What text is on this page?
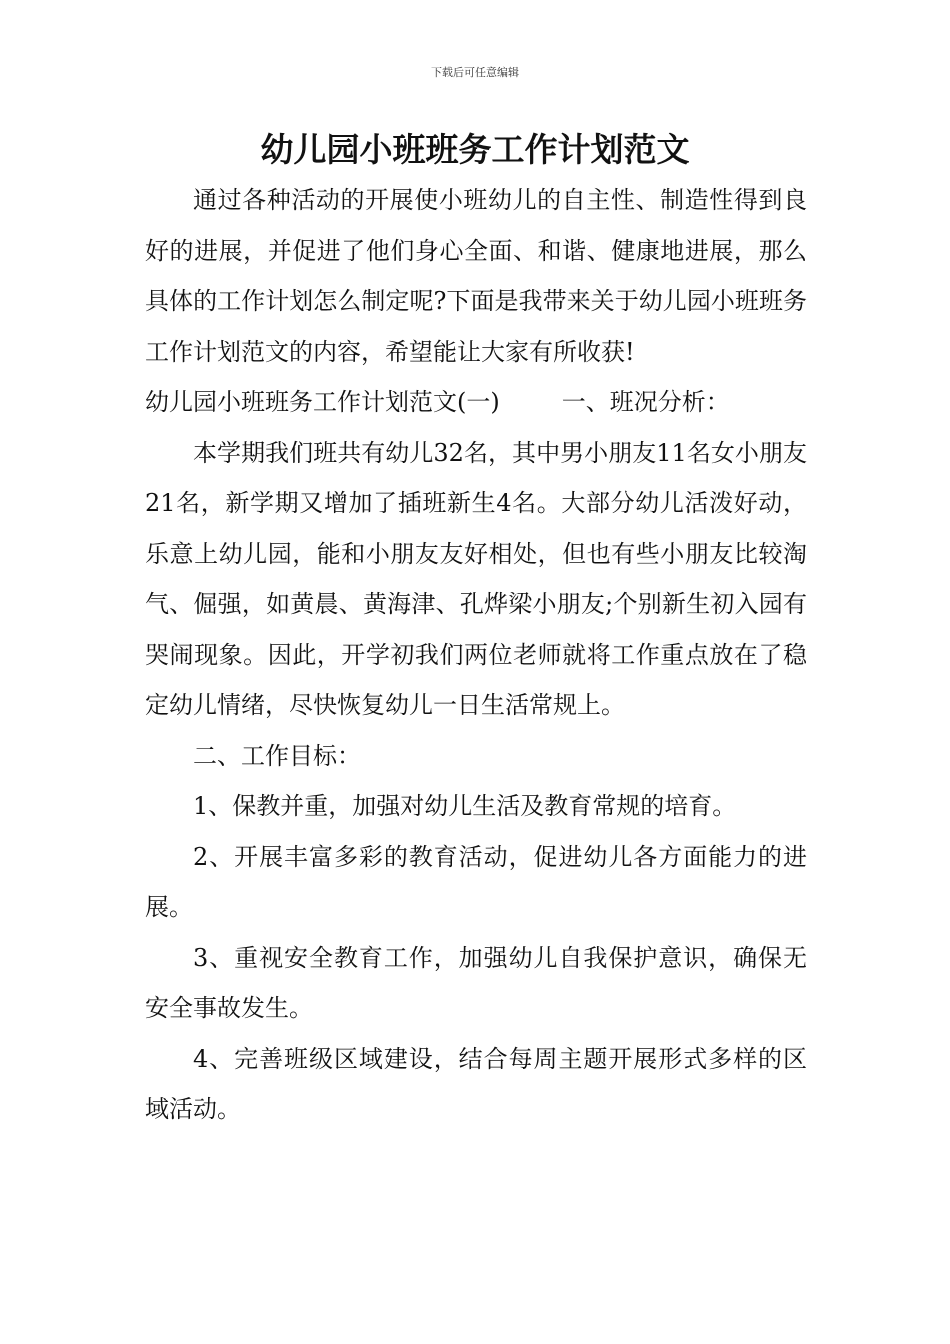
下载后可任意编辑
幼儿园小班班务工作计划范文

通过各种活动的开展使小班幼儿的自主性、制造性得到良好的进展，并促进了他们身心全面、和谐、健康地进展，那么具体的工作计划怎么制定呢?下面是我带来关于幼儿园小班班务工作计划范文的内容，希望能让大家有所收获!

幼儿园小班班务工作计划范文(一)	一、班况分析：

本学期我们班共有幼儿32名，其中男小朋友11名女小朋友21名，新学期又增加了插班新生4名。大部分幼儿活泼好动，乐意上幼儿园，能和小朋友友好相处，但也有些小朋友比较淘气、倔强，如黄晨、黄海津、孔烨梁小朋友;个别新生初入园有哭闹现象。因此，开学初我们两位老师就将工作重点放在了稳定幼儿情绪，尽快恢复幼儿一日生活常规上。

二、工作目标：

1、保教并重，加强对幼儿生活及教育常规的培育。

2、开展丰富多彩的教育活动，促进幼儿各方面能力的进展。

3、重视安全教育工作，加强幼儿自我保护意识，确保无安全事故发生。

4、完善班级区域建设，结合每周主题开展形式多样的区域活动。
